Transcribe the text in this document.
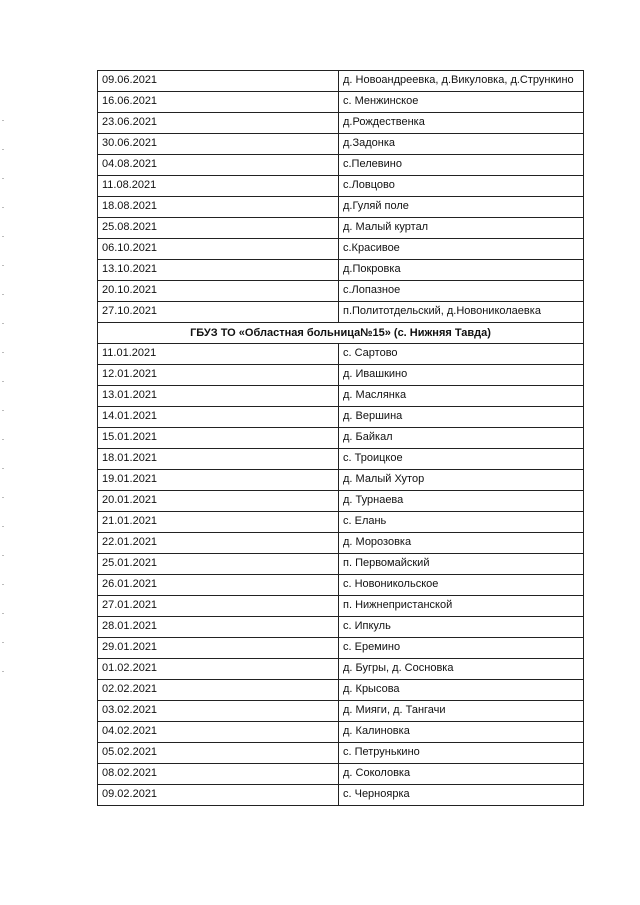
09.06.2021	д. Новоандреевка, д.Викуловка, д.Стрункино
16.06.2021	с. Менжинское
23.06.2021	д.Рождественка
30.06.2021	д.Задонка
04.08.2021	с.Пелевино
11.08.2021	с.Ловцово
18.08.2021	д.Гуляй поле
25.08.2021	д. Малый куртал
06.10.2021	с.Красивое
13.10.2021	д.Покровка
20.10.2021	с.Лопазное
27.10.2021	п.Политотдельский, д.Новониколаевка
ГБУЗ ТО «Областная больница№15» (с. Нижняя Тавда)	
11.01.2021	с. Сартово
12.01.2021	д. Ивашкино
13.01.2021	д. Маслянка
14.01.2021	д. Вершина
15.01.2021	д. Байкал
18.01.2021	с. Троицкое
19.01.2021	д. Малый Хутор
20.01.2021	д. Турнаева
21.01.2021	с. Елань
22.01.2021	д. Морозовка
25.01.2021	п. Первомайский
26.01.2021	с. Новоникольское
27.01.2021	п. Нижнепристанской
28.01.2021	с. Ипкуль
29.01.2021	с. Еремино
01.02.2021	д. Бугры, д. Сосновка
02.02.2021	д. Крысова
03.02.2021	д. Мияги, д. Тангачи
04.02.2021	д. Калиновка
05.02.2021	с. Петрунькино
08.02.2021	д. Соколовка
09.02.2021	с. Черноярка
